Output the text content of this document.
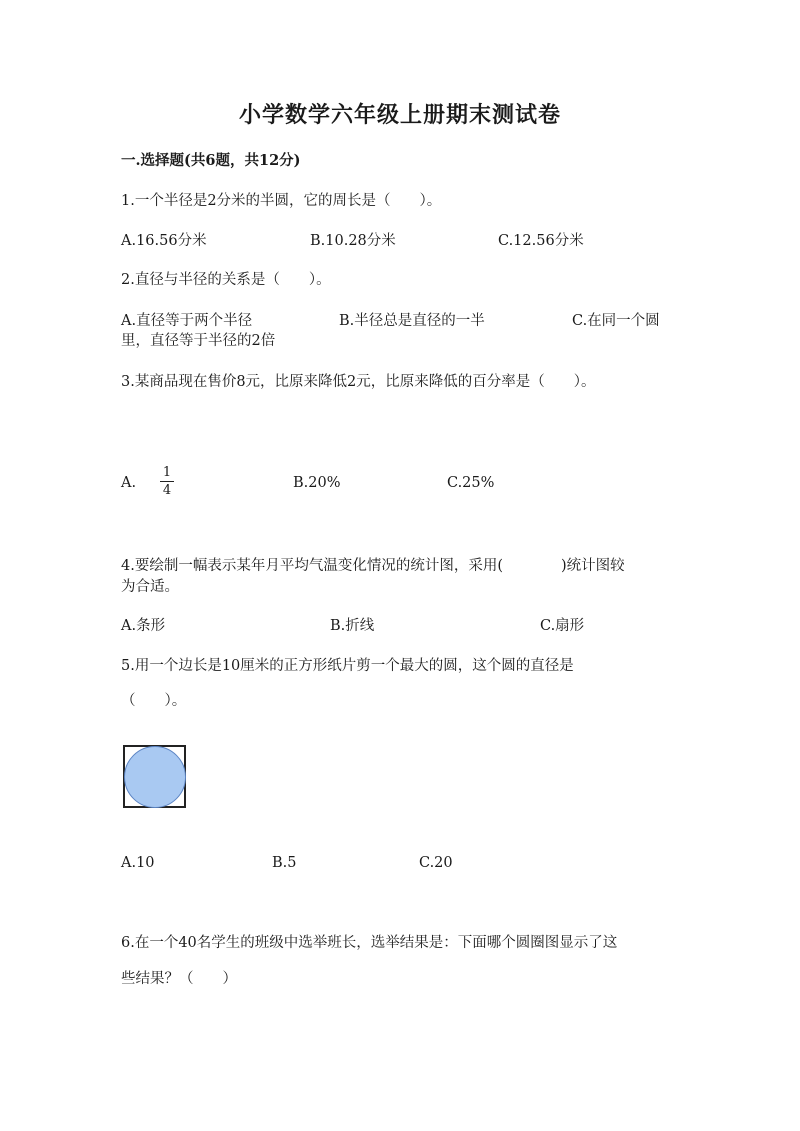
小学数学六年级上册期末测试卷
一.选择题(共6题，共12分)
1.一个半径是2分米的半圆，它的周长是（　　）。
A.16.56分米	B.10.28分米	C.12.56分米
2.直径与半径的关系是（　　）。
A.直径等于两个半径	B.半径总是直径的一半	C.在同一个圆
里，直径等于半径的2倍
3.某商品现在售价8元，比原来降低2元，比原来降低的百分率是（　　）。
A.
1
4	B.20%	C.25%
4.要绘制一幅表示某年月平均气温变化情况的统计图，采用(　　　　)统计图较
为合适。
A.条形	B.折线	C.扇形
5.用一个边长是10厘米的正方形纸片剪一个最大的圆，这个圆的直径是
（　　）。
A.10	B.5	C.20
6.在一个40名学生的班级中选举班长，选举结果是：下面哪个圆圈图显示了这
些结果？（　　）
